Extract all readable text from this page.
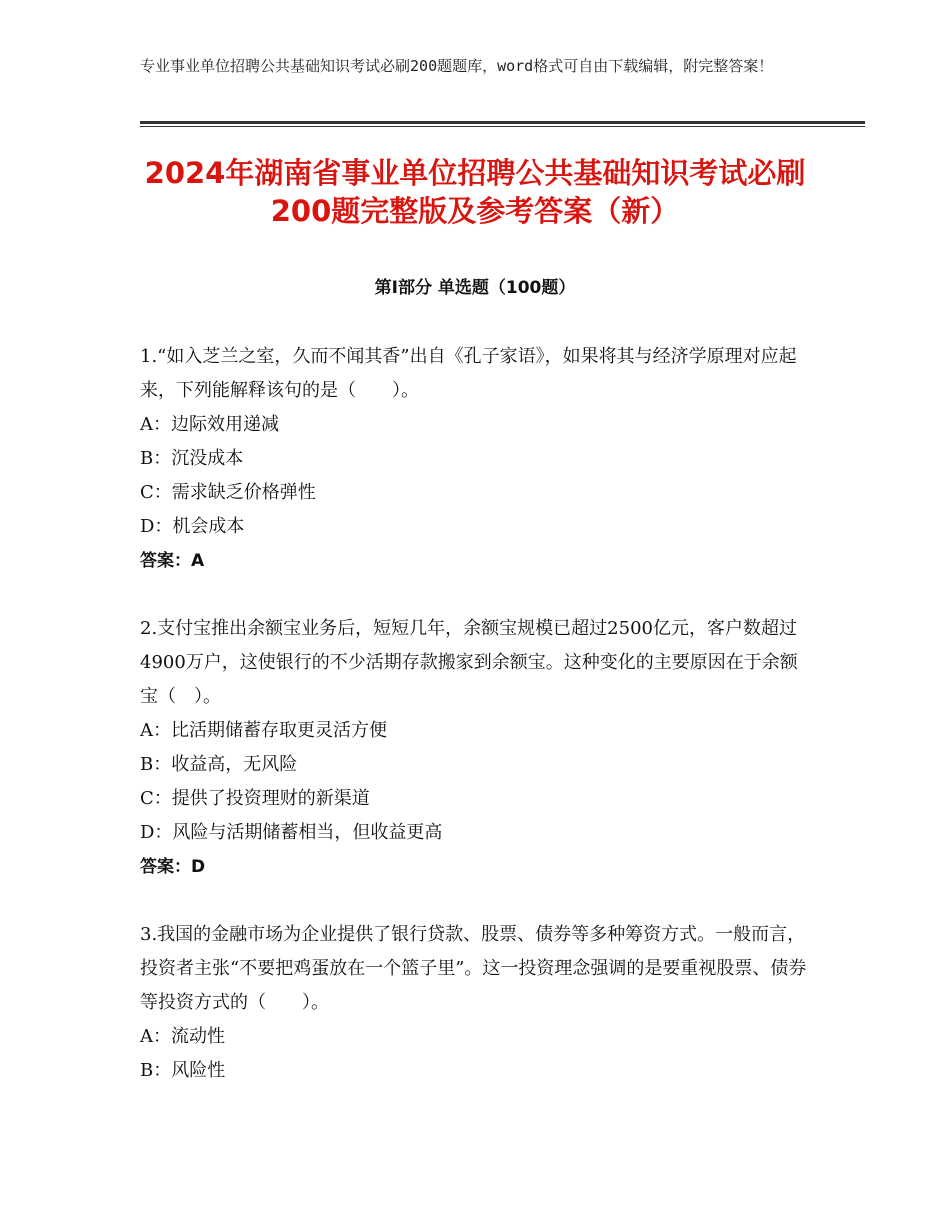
专业事业单位招聘公共基础知识考试必刷200题题库，word格式可自由下载编辑，附完整答案！
2024年湖南省事业单位招聘公共基础知识考试必刷200题完整版及参考答案（新）
第Ⅰ部分 单选题（100题）

1.“如入芝兰之室，久而不闻其香”出自《孔子家语》，如果将其与经济学原理对应起来，下列能解释该句的是（　　）。

A：边际效用递减

B：沉没成本

C：需求缺乏价格弹性

D：机会成本

答案：A

2.支付宝推出余额宝业务后，短短几年，余额宝规模已超过2500亿元，客户数超过4900万户，这使银行的不少活期存款搬家到余额宝。这种变化的主要原因在于余额宝（　）。

A：比活期储蓄存取更灵活方便

B：收益高，无风险

C：提供了投资理财的新渠道

D：风险与活期储蓄相当，但收益更高

答案：D

3.我国的金融市场为企业提供了银行贷款、股票、债券等多种筹资方式。一般而言，投资者主张“不要把鸡蛋放在一个篮子里”。这一投资理念强调的是要重视股票、债券等投资方式的（　　）。

A：流动性

B：风险性
